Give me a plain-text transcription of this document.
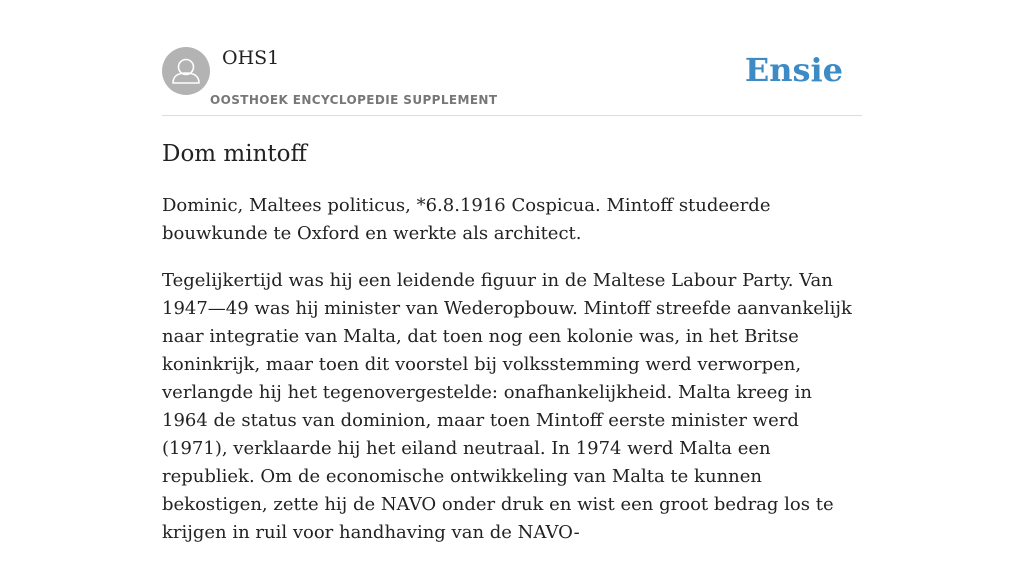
OHS1
OOSTHOEK ENCYCLOPEDIE SUPPLEMENT
Ensie
Dom mintoff

Dominic, Maltees politicus, *6.8.1916 Cospicua. Mintoff studeerde bouwkunde te Oxford en werkte als architect.

Tegelijkertijd was hij een leidende figuur in de Maltese Labour Party. Van 1947—49 was hij minister van Wederopbouw. Mintoff streefde aanvankelijk naar integratie van Malta, dat toen nog een kolonie was, in het Britse koninkrijk, maar toen dit voorstel bij volksstemming werd verworpen, verlangde hij het tegenovergestelde: onafhankelijkheid. Malta kreeg in 1964 de status van dominion, maar toen Mintoff eerste minister werd (1971), verklaarde hij het eiland neutraal. In 1974 werd Malta een republiek. Om de economische ontwikkeling van Malta te kunnen bekostigen, zette hij de NAVO onder druk en wist een groot bedrag los te krijgen in ruil voor handhaving van de NAVO-
